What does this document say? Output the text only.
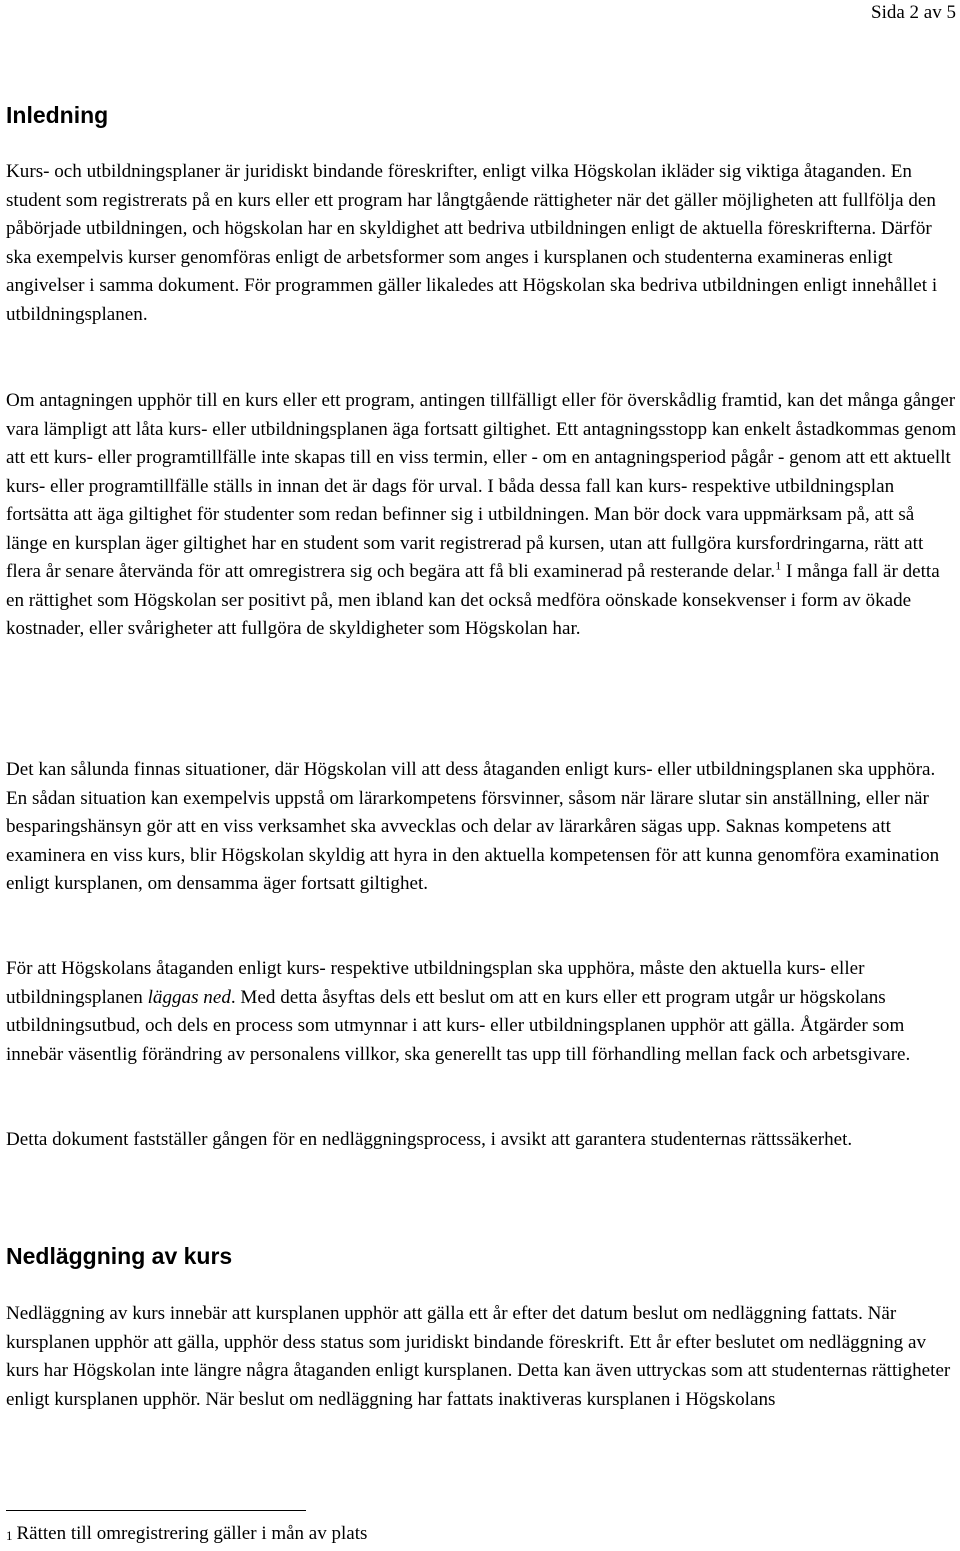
Sida 2 av 5
Inledning

Kurs- och utbildningsplaner är juridiskt bindande föreskrifter, enligt vilka Högskolan ikläder sig viktiga åtaganden. En student som registrerats på en kurs eller ett program har långtgående rättigheter när det gäller möjligheten att fullfölja den påbörjade utbildningen, och högskolan har en skyldighet att bedriva utbildningen enligt de aktuella föreskrifterna. Därför ska exempelvis kurser genomföras enligt de arbetsformer som anges i kursplanen och studenterna examineras enligt angivelser i samma dokument. För programmen gäller likaledes att Högskolan ska bedriva utbildningen enligt innehållet i utbildningsplanen.

Om antagningen upphör till en kurs eller ett program, antingen tillfälligt eller för överskådlig framtid, kan det många gånger vara lämpligt att låta kurs- eller utbildningsplanen äga fortsatt giltighet. Ett antagningsstopp kan enkelt åstadkommas genom att ett kurs- eller programtillfälle inte skapas till en viss termin, eller - om en antagningsperiod pågår - genom att ett aktuellt kurs- eller programtillfälle ställs in innan det är dags för urval. I båda dessa fall kan kurs- respektive utbildningsplan fortsätta att äga giltighet för studenter som redan befinner sig i utbildningen. Man bör dock vara uppmärksam på, att så länge en kursplan äger giltighet har en student som varit registrerad på kursen, utan att fullgöra kursfordringarna, rätt att flera år senare återvända för att omregistrera sig och begära att få bli examinerad på resterande delar.$^1$ I många fall är detta en rättighet som Högskolan ser positivt på, men ibland kan det också medföra oönskade konsekvenser i form av ökade kostnader, eller svårigheter att fullgöra de skyldigheter som Högskolan har.

Det kan sålunda finnas situationer, där Högskolan vill att dess åtaganden enligt kurs- eller utbildningsplanen ska upphöra. En sådan situation kan exempelvis uppstå om lärarkompetens försvinner, såsom när lärare slutar sin anställning, eller när besparingshänsyn gör att en viss verksamhet ska avvecklas och delar av lärarkåren sägas upp. Saknas kompetens att examinera en viss kurs, blir Högskolan skyldig att hyra in den aktuella kompetensen för att kunna genomföra examination enligt kursplanen, om densamma äger fortsatt giltighet.

För att Högskolans åtaganden enligt kurs- respektive utbildningsplan ska upphöra, måste den aktuella kurs- eller utbildningsplanen läggas ned. Med detta åsyftas dels ett beslut om att en kurs eller ett program utgår ur högskolans utbildningsutbud, och dels en process som utmynnar i att kurs- eller utbildningsplanen upphör att gälla. Åtgärder som innebär väsentlig förändring av personalens villkor, ska generellt tas upp till förhandling mellan fack och arbetsgivare.

Detta dokument fastställer gången för en nedläggningsprocess, i avsikt att garantera studenternas rättssäkerhet.

Nedläggning av kurs

Nedläggning av kurs innebär att kursplanen upphör att gälla ett år efter det datum beslut om nedläggning fattats. När kursplanen upphör att gälla, upphör dess status som juridiskt bindande föreskrift. Ett år efter beslutet om nedläggning av kurs har Högskolan inte längre några åtaganden enligt kursplanen. Detta kan även uttryckas som att studenternas rättigheter enligt kursplanen upphör. När beslut om nedläggning har fattats inaktiveras kursplanen i Högskolans

$^1$ Rätten till omregistrering gäller i mån av plats
